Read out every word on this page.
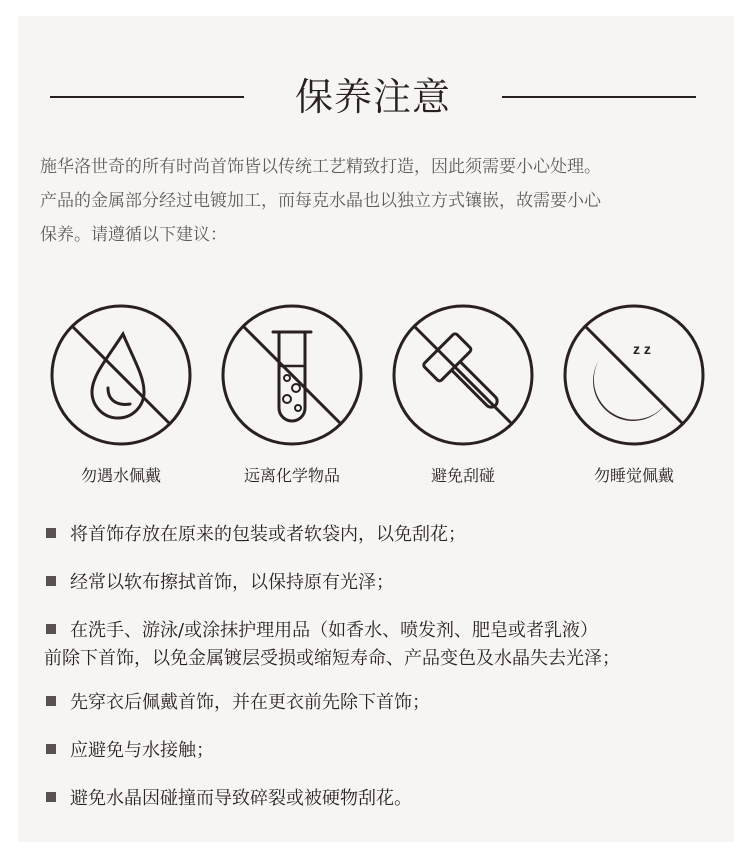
保养注意

施华洛世奇的所有时尚首饰皆以传统工艺精致打造，因此须需要小心处理。
产品的金属部分经过电镀加工，而每克水晶也以独立方式镶嵌，故需要小心
保养。请遵循以下建议：

勿遇水佩戴	远离化学物品	避免刮碰
z z
勿睡觉佩戴
将首饰存放在原来的包装或者软袋内，以免刮花；
经常以软布擦拭首饰，以保持原有光泽；
在洗手、游泳/或涂抹护理用品（如香水、喷发剂、肥皂或者乳液）
前除下首饰，以免金属镀层受损或缩短寿命、产品变色及水晶失去光泽；
先穿衣后佩戴首饰，并在更衣前先除下首饰；
应避免与水接触；
避免水晶因碰撞而导致碎裂或被硬物刮花。
